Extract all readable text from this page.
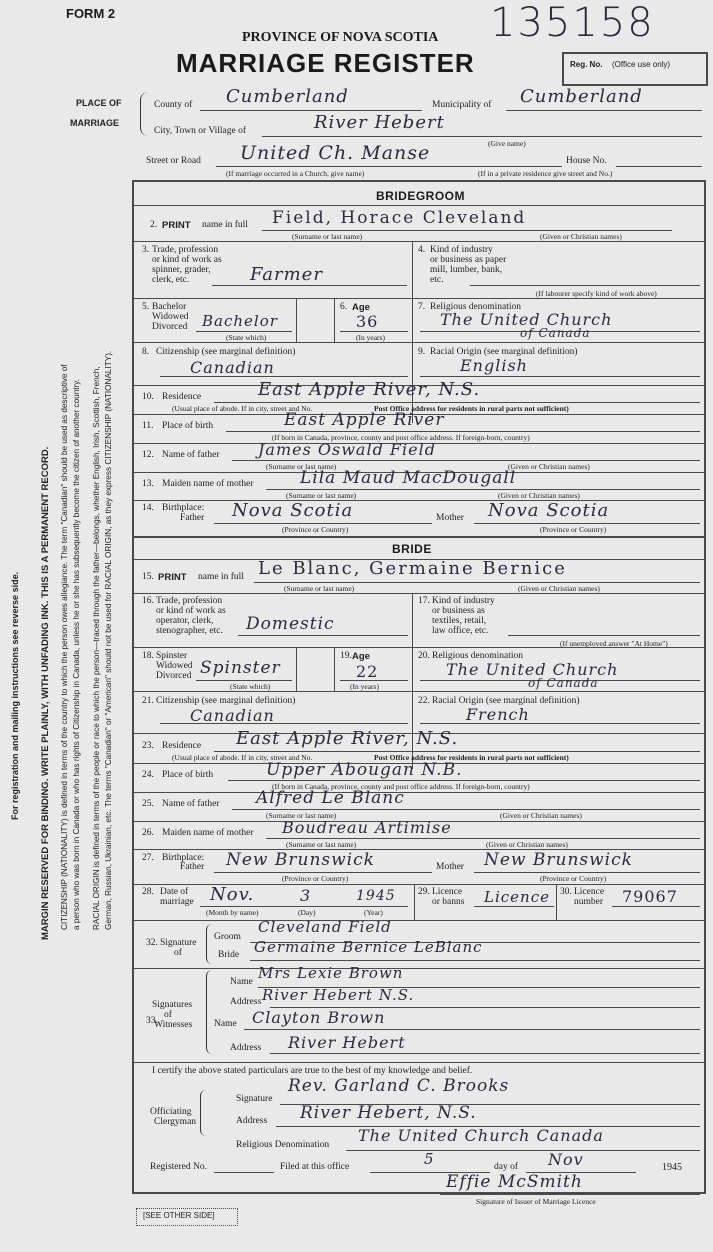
FORM 2	135158
PROVINCE OF NOVA SCOTIA
MARRIAGE REGISTER	Reg. No. (Office use only)
PLACE OF
MARRIAGE
County of Cumberland	Municipality of Cumberland
City, Town or Village of	River Hebert
(Give name)
Street or Road United Ch. Manse	House No.
(If marriage occurred in a Church, give name)	(If in a private residence give street and No.)
For registration and mailing instructions see reverse side. MARGIN RESERVED FOR BINDING. WRITE PLAINLY, WITH UNFADING INK. THIS IS A PERMANENT RECORD. CITIZENSHIP (NATIONALITY) is defined in terms of the country to which the person owes allegiance. The term "Canadian" should be used as descriptive of a person who was born in Canada or who has rights of Citizenship in Canada, unless he or she has subsequently become the citizen of another country. RACIAL ORIGIN is defined in terms of the people or race to which the person—traced through the father—belongs, whether English, Irish, Scottish, French, German, Russian, Ukrainian, etc. The terms "Canadian" or "American" should not be used for RACIAL ORIGIN, as they express CITIZENSHIP (NATIONALITY).
BRIDEGROOM
2. PRINT name in full Field, Horace Cleveland
(Surname or last name)	(Given or Christian names)
3. Trade, profession
or kind of work as
spinner, grader,
clerk, etc.	Farmer
4. Kind of industry
or business as paper
mill, lumber, bank,
etc.
(If labourer specify kind of work above)
5. Bachelor
Widowed
Divorced Bachelor
(State which)
6. Age
36
(In years)
7. Religious denomination
The United Church
of Canada
8. Citizenship (see marginal definition)
Canadian
9. Racial Origin (see marginal definition)
English
10. Residence	East Apple River, N.S.
(Usual place of abode. If in city, street and No.	Post Office address for residents in rural parts not sufficient)
11. Place of birth	East Apple River
(If born in Canada, province, county and post office address. If foreign-born, country)
12. Name of father James Oswald Field
(Surname or last name)	(Given or Christian names)
13. Maiden name of mother	Lila Maud MacDougall
(Surname or last name)	(Given or Christian names)
14. Birthplace:
Father Nova Scotia	Mother Nova Scotia
(Province or Country)	(Province or Country)
BRIDE
15. PRINT name in full Le Blanc, Germaine Bernice
(Surname or last name)	(Given or Christian names)
16. Trade, profession
or kind of work as
operator, clerk,
stenographer, etc. Domestic
17. Kind of industry
or business as
textiles, retail,
law office, etc.
(If unemployed answer "At Home")
18. Spinster
Widowed
Divorced Spinster
(State which)
19. Age
22
(In years)
20. Religious denomination
The United Church
of Canada
21. Citizenship (see marginal definition)
Canadian
22. Racial Origin (see marginal definition)
French
23. Residence East Apple River, N.S.
(Usual place of abode. If in city, street and No.	Post Office address for residents in rural parts not sufficient)
24. Place of birth	Upper Abougan N.B.
(If born in Canada, province, county and post office address. If foreign-born, country)
25. Name of father Alfred Le Blanc
(Surname or last name)	(Given or Christian names)
26. Maiden name of mother Boudreau Artimise
(Surname or last name)	(Given or Christian names)
27. Birthplace:
Father New Brunswick	Mother New Brunswick
(Province or Country)	(Province or Country)
28. Date of
marriage Nov.	3	1945
(Month by name)	(Day)	(Year)
29. Licence
or banns Licence 30. Licence
number 79067
32. Signature
of
Groom
Cleveland Field
Bride Germaine Bernice LeBlanc
33.
Signatures
of
Witnesses
Name Mrs Lexie Brown
Address River Hebert N.S.
Name Clayton Brown
Address River Hebert
I certify the above stated particulars are true to the best of my knowledge and belief.
Officiating
Clergyman
Signature
Rev. Garland C. Brooks
Address River Hebert, N.S.
Religious Denomination The United Church Canada
Registered No.	Filed at this office	5	day of Nov	1945
Effie McSmith
Signature of Issuer of Marriage Licence
[SEE OTHER SIDE]
